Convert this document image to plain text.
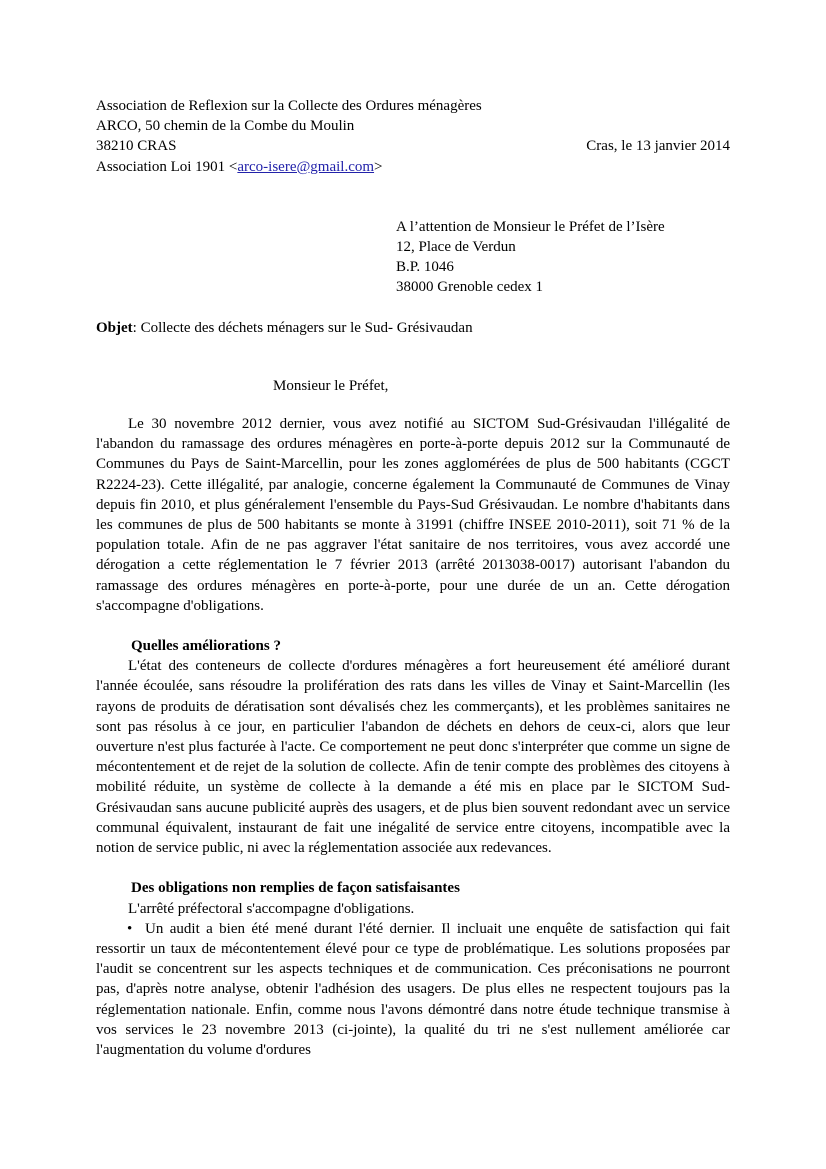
Association de Reflexion sur la Collecte des Ordures ménagères
ARCO, 50 chemin de la Combe du Moulin
38210 CRAS
Association Loi 1901 <arco-isere@gmail.com>
Cras, le 13 janvier 2014
A l’attention de Monsieur le Préfet de l’Isère
12, Place de Verdun
B.P. 1046
38000 Grenoble cedex 1
Objet: Collecte des déchets ménagers sur le Sud- Grésivaudan
Monsieur le Préfet,
Le 30 novembre 2012 dernier, vous avez notifié au SICTOM Sud-Grésivaudan l'illégalité de l'abandon du ramassage des ordures ménagères en porte-à-porte depuis 2012 sur la Communauté de Communes du Pays de Saint-Marcellin, pour les zones agglomérées de plus de 500 habitants (CGCT R2224-23). Cette illégalité, par analogie, concerne également la Communauté de Communes de Vinay depuis fin 2010, et plus généralement l'ensemble du Pays-Sud Grésivaudan. Le nombre d'habitants dans les communes de plus de 500 habitants se monte à 31991 (chiffre INSEE 2010-2011), soit 71 % de la population totale. Afin de ne pas aggraver l'état sanitaire de nos territoires, vous avez accordé une dérogation a cette réglementation le 7 février 2013 (arrêté 2013038-0017) autorisant l'abandon du ramassage des ordures ménagères en porte-à-porte, pour une durée de un an. Cette dérogation s'accompagne d'obligations.
Quelles améliorations ?
L'état des conteneurs de collecte d'ordures ménagères a fort heureusement été amélioré durant l'année écoulée, sans résoudre la prolifération des rats dans les villes de Vinay et Saint-Marcellin (les rayons de produits de dératisation sont dévalisés chez les commerçants), et les problèmes sanitaires ne sont pas résolus à ce jour, en particulier l'abandon de déchets en dehors de ceux-ci, alors que leur ouverture n'est plus facturée à l'acte. Ce comportement ne peut donc s'interpréter que comme un signe de mécontentement et de rejet de la solution de collecte. Afin de tenir compte des problèmes des citoyens à mobilité réduite, un système de collecte à la demande a été mis en place par le SICTOM Sud-Grésivaudan sans aucune publicité auprès des usagers, et de plus bien souvent redondant avec un service communal équivalent, instaurant de fait une inégalité de service entre citoyens, incompatible avec la notion de service public, ni avec la réglementation associée aux redevances.
Des obligations non remplies de façon satisfaisantes
L'arrêté préfectoral s'accompagne d'obligations.
• Un audit a bien été mené durant l'été dernier. Il incluait une enquête de satisfaction qui fait ressortir un taux de mécontentement élevé pour ce type de problématique. Les solutions proposées par l'audit se concentrent sur les aspects techniques et de communication. Ces préconisations ne pourront pas, d'après notre analyse, obtenir l'adhésion des usagers. De plus elles ne respectent toujours pas la réglementation nationale. Enfin, comme nous l'avons démontré dans notre étude technique transmise à vos services le 23 novembre 2013 (ci-jointe), la qualité du tri ne s'est nullement améliorée car l'augmentation du volume d'ordures
